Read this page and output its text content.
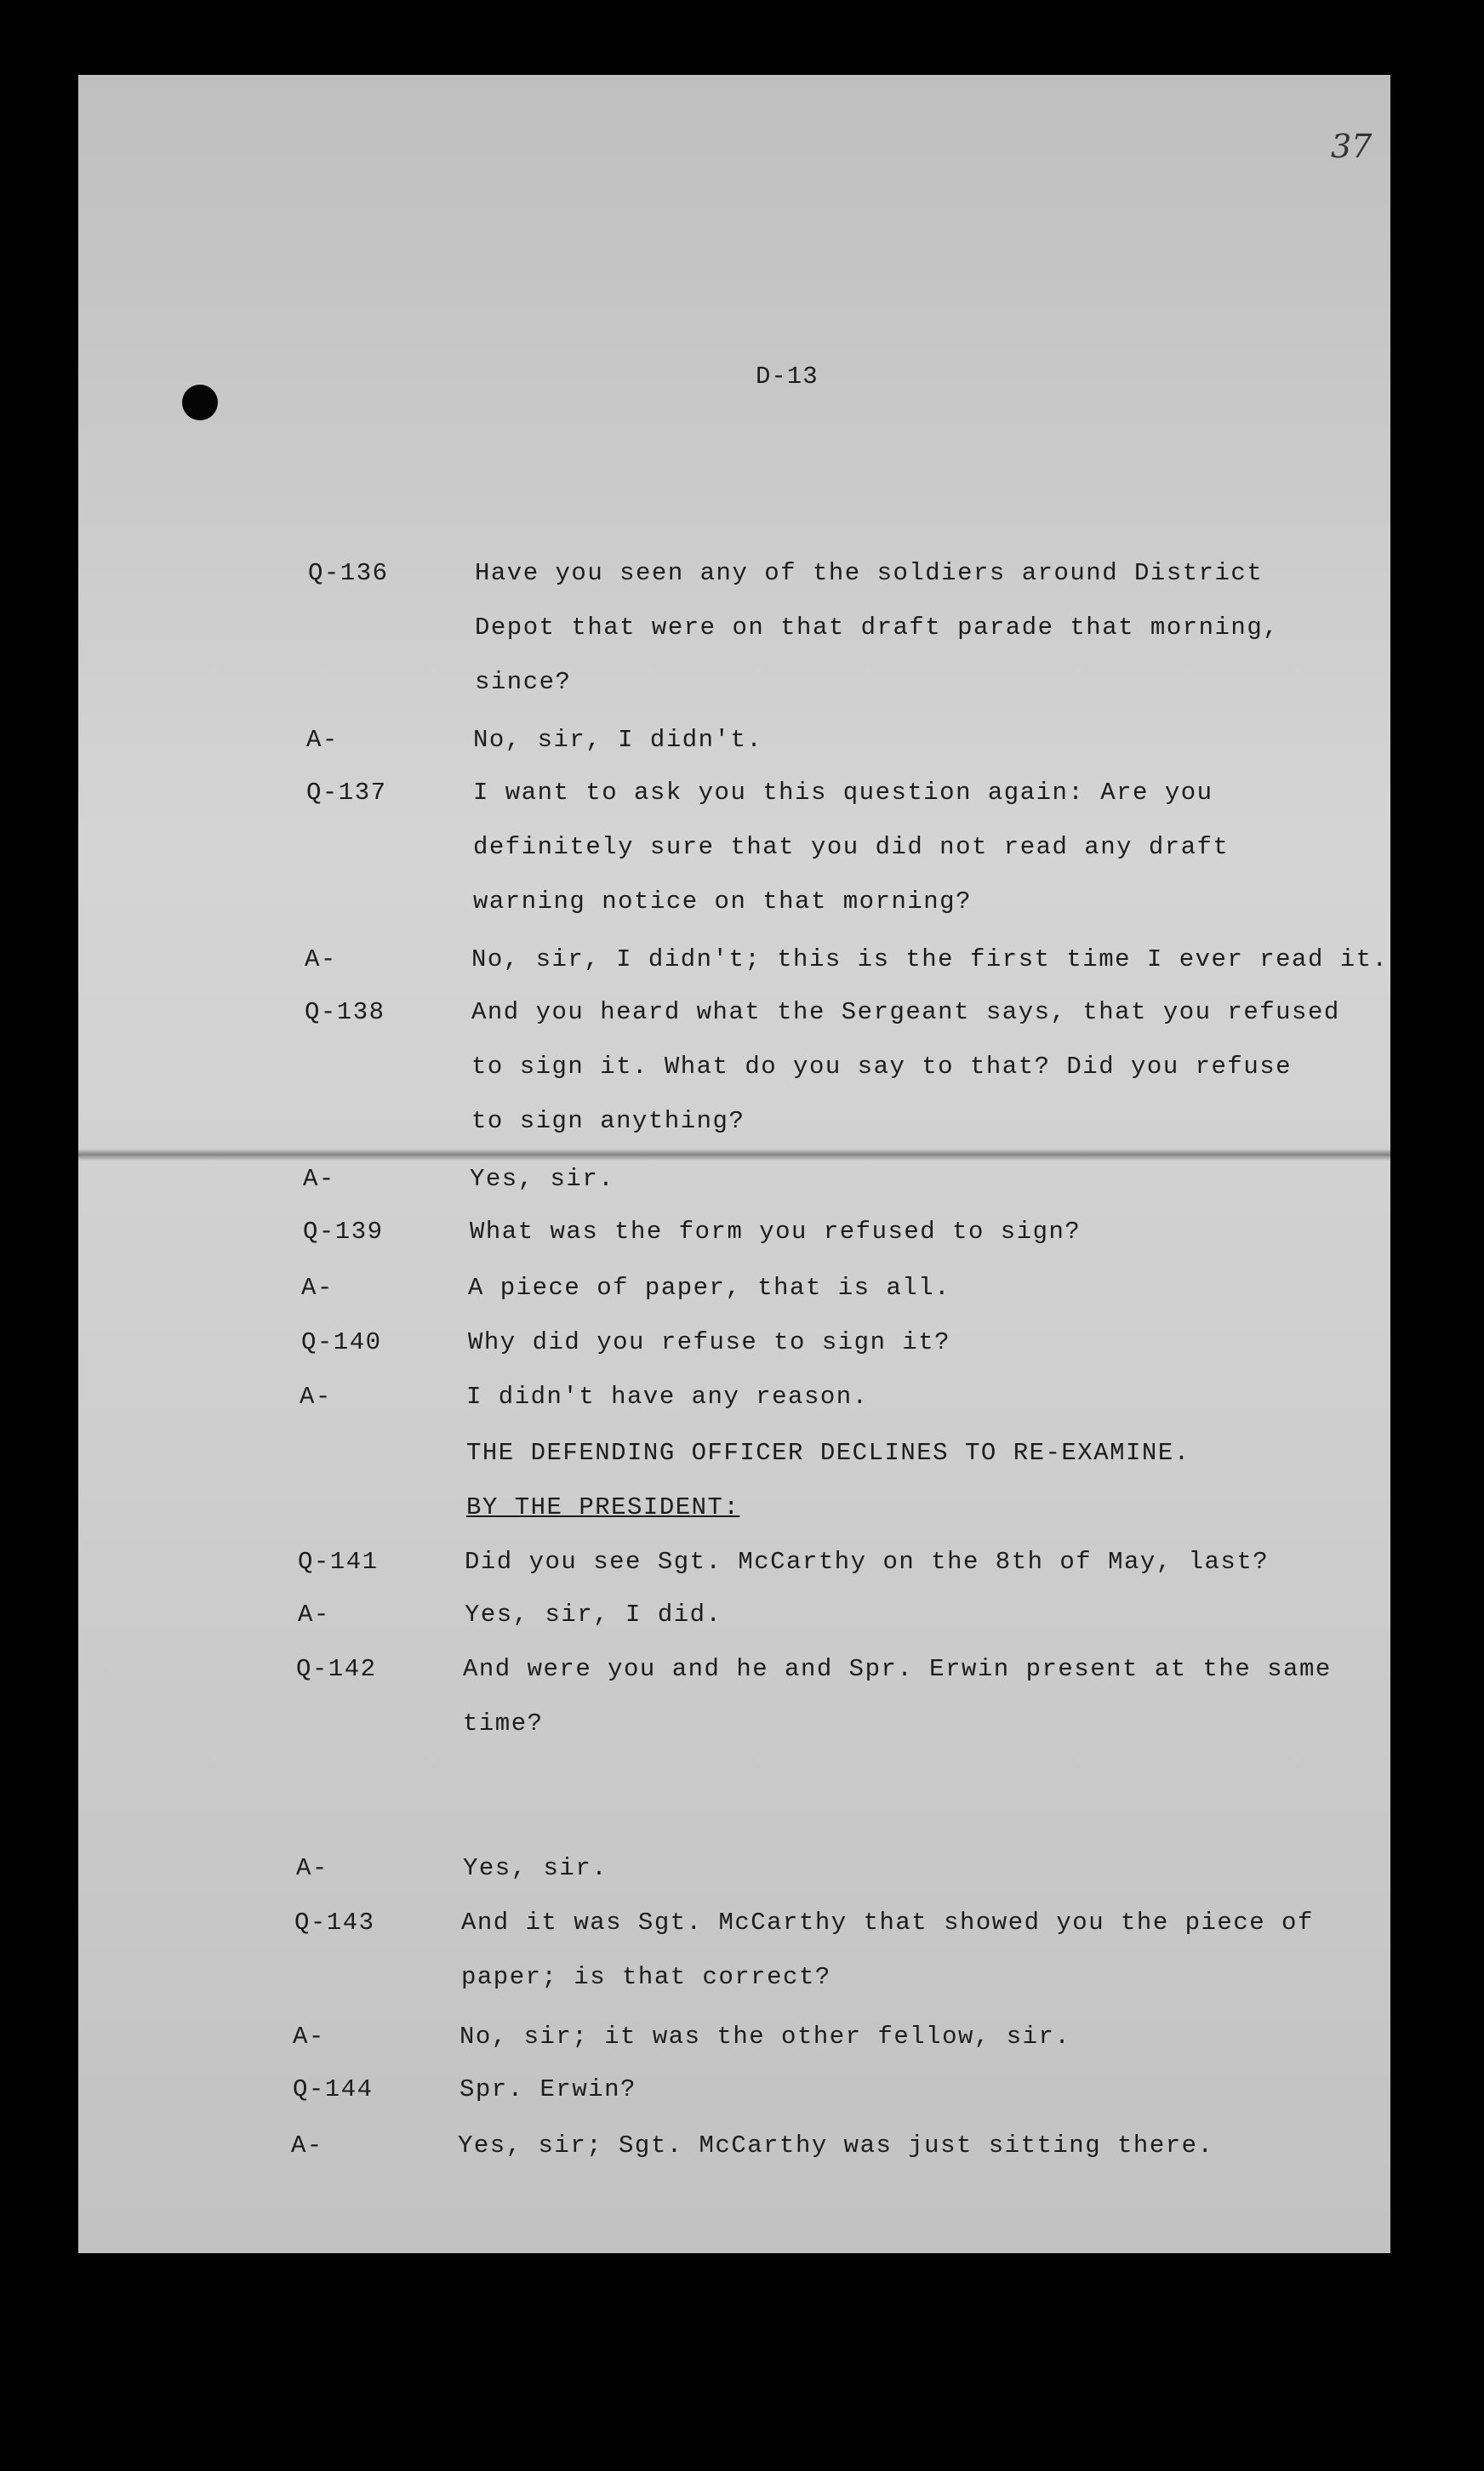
37
D-13
Q-136	Have you seen any of the soldiers around District
Depot that were on that draft parade that morning,
since?
A-	No, sir, I didn't.
Q-137	I want to ask you this question again: Are you
definitely sure that you did not read any draft
warning notice on that morning?
A-	No, sir, I didn't; this is the first time I ever read it.
Q-138	And you heard what the Sergeant says, that you refused
to sign it. What do you say to that? Did you refuse
to sign anything?
A-	Yes, sir.
Q-139	What was the form you refused to sign?
A-	A piece of paper, that is all.
Q-140	Why did you refuse to sign it?
A-	I didn't have any reason.
THE DEFENDING OFFICER DECLINES TO RE-EXAMINE.
BY THE PRESIDENT:
Q-141	Did you see Sgt. McCarthy on the 8th of May, last?
A-	Yes, sir, I did.
Q-142	And were you and he and Spr. Erwin present at the same
time?
A-	Yes, sir.
Q-143	And it was Sgt. McCarthy that showed you the piece of
paper; is that correct?
A-	No, sir; it was the other fellow, sir.
Q-144	Spr. Erwin?
A-	Yes, sir; Sgt. McCarthy was just sitting there.
